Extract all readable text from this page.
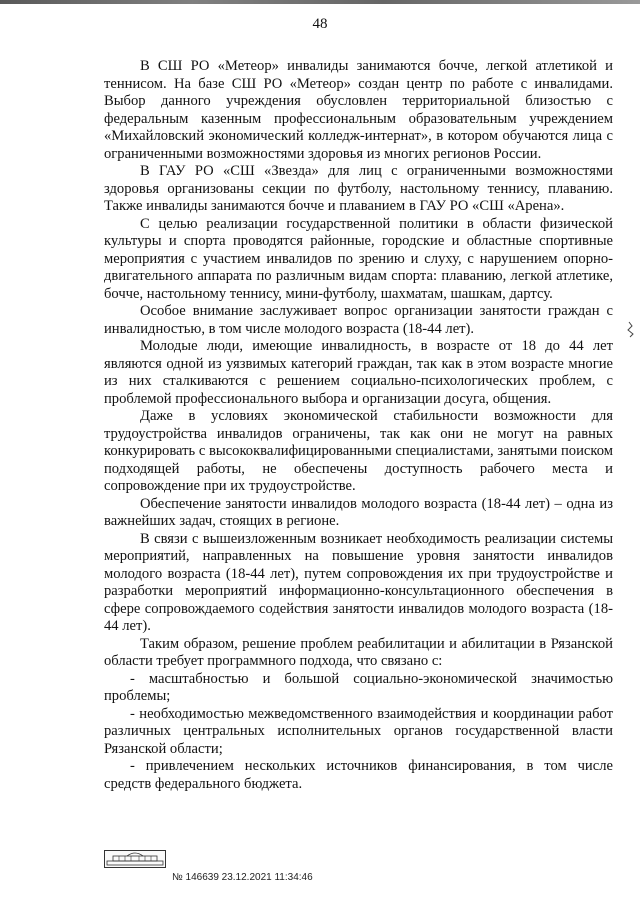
48

В СШ РО «Метеор» инвалиды занимаются бочче, легкой атлетикой и теннисом. На базе СШ РО «Метеор» создан центр по работе с инвалидами. Выбор данного учреждения обусловлен территориальной близостью с федеральным казенным профессиональным образовательным учреждением «Михайловский экономический колледж-интернат», в котором обучаются лица с ограниченными возможностями здоровья из многих регионов России.

В ГАУ РО «СШ «Звезда» для лиц с ограниченными возможностями здоровья организованы секции по футболу, настольному теннису, плаванию. Также инвалиды занимаются бочче и плаванием в ГАУ РО «СШ «Арена».

С целью реализации государственной политики в области физической культуры и спорта проводятся районные, городские и областные спортивные мероприятия с участием инвалидов по зрению и слуху, с нарушением опорно-двигательного аппарата по различным видам спорта: плаванию, легкой атлетике, бочче, настольному теннису, мини-футболу, шахматам, шашкам, дартсу.

Особое внимание заслуживает вопрос организации занятости граждан с инвалидностью, в том числе молодого возраста (18-44 лет).

Молодые люди, имеющие инвалидность, в возрасте от 18 до 44 лет являются одной из уязвимых категорий граждан, так как в этом возрасте многие из них сталкиваются с решением социально-психологических проблем, с проблемой профессионального выбора и организации досуга, общения.

Даже в условиях экономической стабильности возможности для трудоустройства инвалидов ограничены, так как они не могут на равных конкурировать с высококвалифицированными специалистами, занятыми поиском подходящей работы, не обеспечены доступность рабочего места и сопровождение при их трудоустройстве.

Обеспечение занятости инвалидов молодого возраста (18-44 лет) – одна из важнейших задач, стоящих в регионе.

В связи с вышеизложенным возникает необходимость реализации системы мероприятий, направленных на повышение уровня занятости инвалидов молодого возраста (18-44 лет), путем сопровождения их при трудоустройстве и разработки мероприятий информационно-консультационного обеспечения в сфере сопровождаемого содействия занятости инвалидов молодого возраста (18-44 лет).

Таким образом, решение проблем реабилитации и абилитации в Рязанской области требует программного подхода, что связано с:

- масштабностью и большой социально-экономической значимостью проблемы;

- необходимостью межведомственного взаимодействия и координации работ различных центральных исполнительных органов государственной власти Рязанской области;

- привлечением нескольких источников финансирования, в том числе средств федерального бюджета.

№ 146639 23.12.2021 11:34:46
